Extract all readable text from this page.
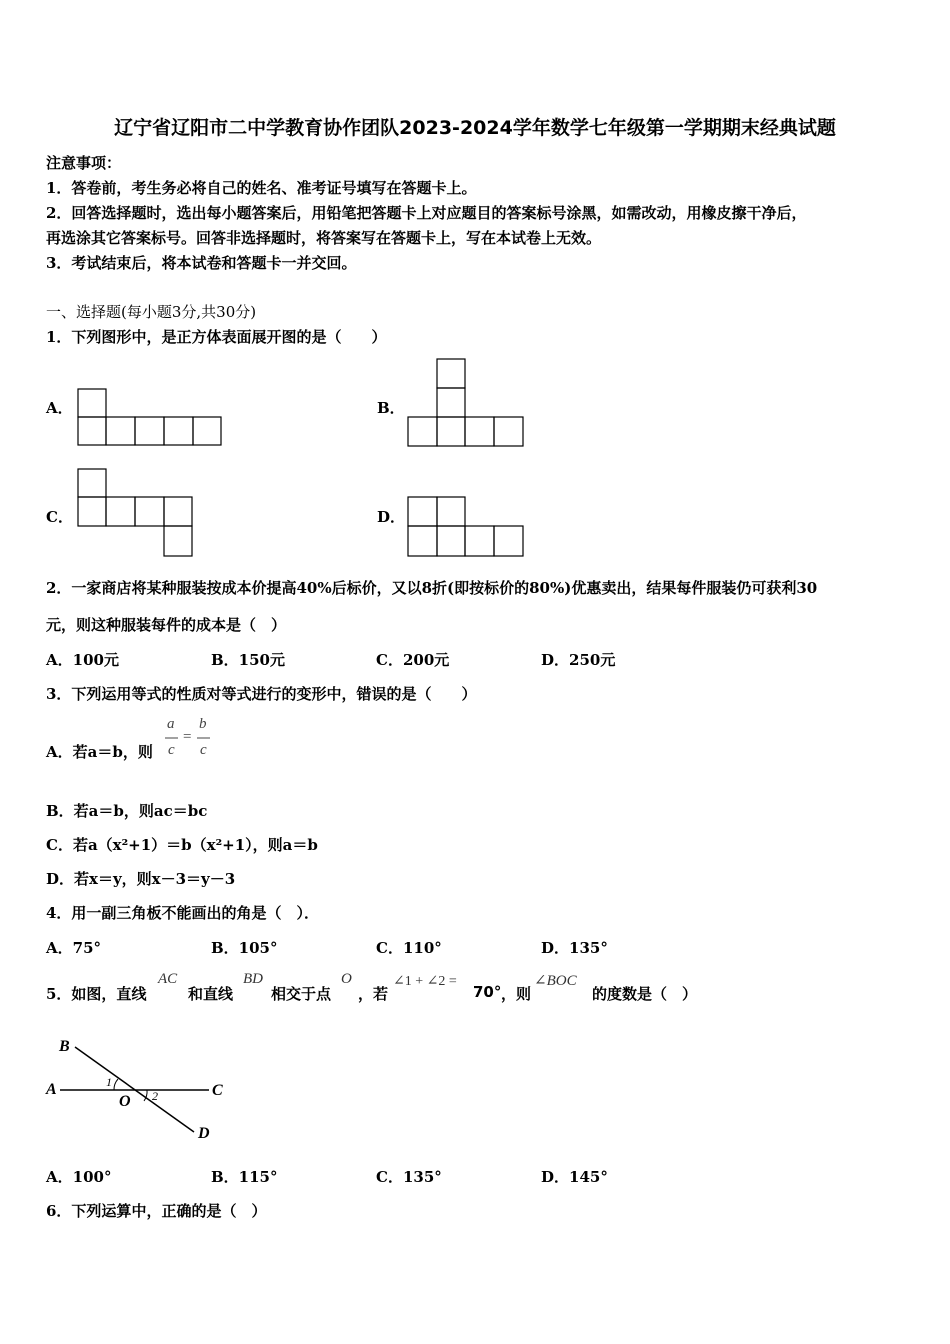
辽宁省辽阳市二中学教育协作团队2023-2024学年数学七年级第一学期期末经典试题
注意事项：
1．答卷前，考生务必将自己的姓名、准考证号填写在答题卡上。
2．回答选择题时，选出每小题答案后，用铅笔把答题卡上对应题目的答案标号涂黑，如需改动，用橡皮擦干净后，
再选涂其它答案标号。回答非选择题时，将答案写在答题卡上，写在本试卷上无效。
3．考试结束后，将本试卷和答题卡一并交回。
一、选择题(每小题3分,共30分)
1．下列图形中，是正方体表面展开图的是（　　）
A．	B．
C．	D．
2．一家商店将某种服装按成本价提高40%后标价，又以8折(即按标价的80%)优惠卖出，结果每件服装仍可获利30
元，则这种服装每件的成本是（　）
A．100元	B．150元	C．200元	D．250元
3．下列运用等式的性质对等式进行的变形中，错误的是（　　）
A．若a＝b，则
a
c
=
b
c
B．若a＝b，则ac＝bc
C．若a（x²+1）＝b（x²+1），则a＝b
D．若x＝y，则x－3＝y－3
4．用一副三角板不能画出的角是（　）．
A．75°	B．105°	C．110°	D．135°
5．如图，直线
AC
和直线
BD
相交于点
O
，若
∠1 + ∠2 =
70° ，则
∠BOC
的度数是（　）
B
A
O
C
D
1
2
A．100°	B．115°	C．135°	D．145°
6．下列运算中，正确的是（　）
